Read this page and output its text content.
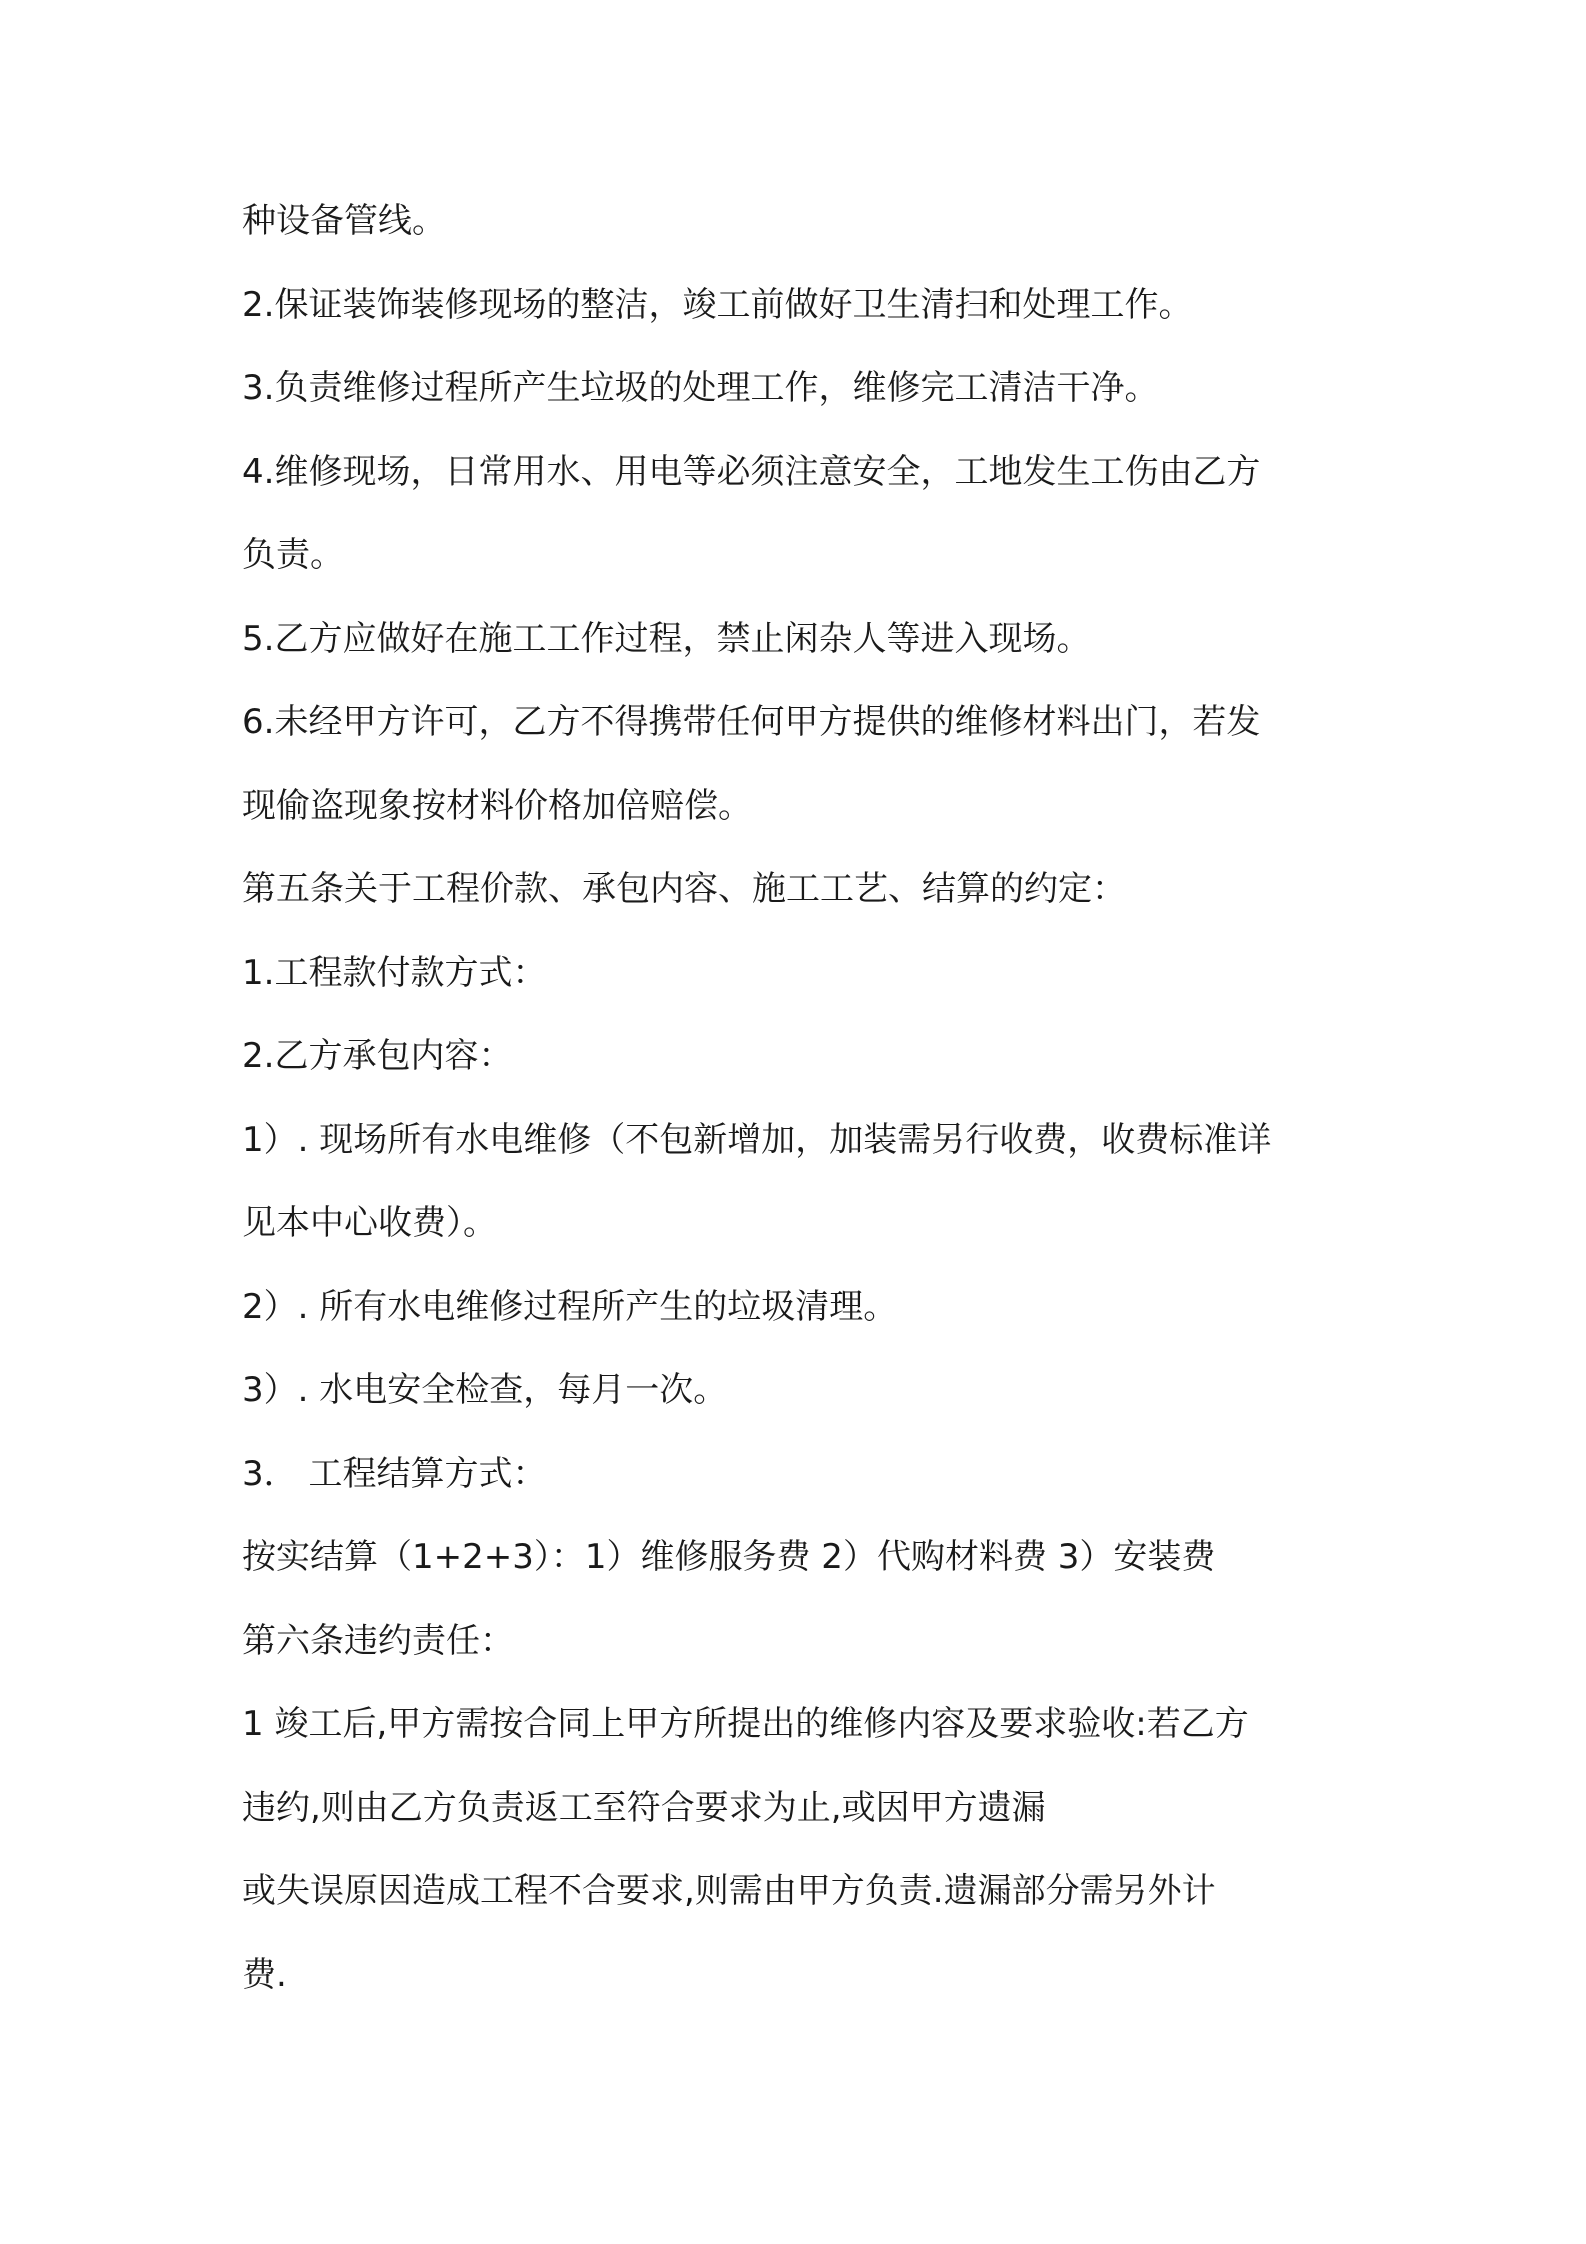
种设备管线。
2.保证装饰装修现场的整洁，竣工前做好卫生清扫和处理工作。
3.负责维修过程所产生垃圾的处理工作，维修完工清洁干净。
4.维修现场，日常用水、用电等必须注意安全，工地发生工伤由乙方
负责。
5.乙方应做好在施工工作过程，禁止闲杂人等进入现场。
6.未经甲方许可，乙方不得携带任何甲方提供的维修材料出门，若发
现偷盗现象按材料价格加倍赔偿。
第五条关于工程价款、承包内容、施工工艺、结算的约定：
1.工程款付款方式：
2.乙方承包内容：
1）. 现场所有水电维修（不包新增加，加装需另行收费，收费标准详
见本中心收费）。
2）. 所有水电维修过程所产生的垃圾清理。
3）. 水电安全检查，每月一次。
3． 工程结算方式：
按实结算（1+2+3）：1）维修服务费 2）代购材料费 3）安装费
第六条违约责任：
1 竣工后,甲方需按合同上甲方所提出的维修内容及要求验收:若乙方
违约,则由乙方负责返工至符合要求为止,或因甲方遗漏
或失误原因造成工程不合要求,则需由甲方负责.遗漏部分需另外计
费.
